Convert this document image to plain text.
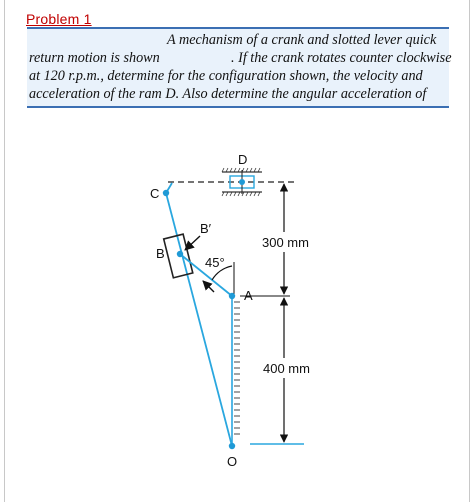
Problem 1
A mechanism of a crank and slotted lever quick
return motion is shown	. If the crank rotates counter clockwise
at 120 r.p.m., determine for the configuration shown, the velocity and
acceleration of the ram D. Also determine the angular acceleration of
D
C
B′
B
45°
A
O
300 mm
400 mm
